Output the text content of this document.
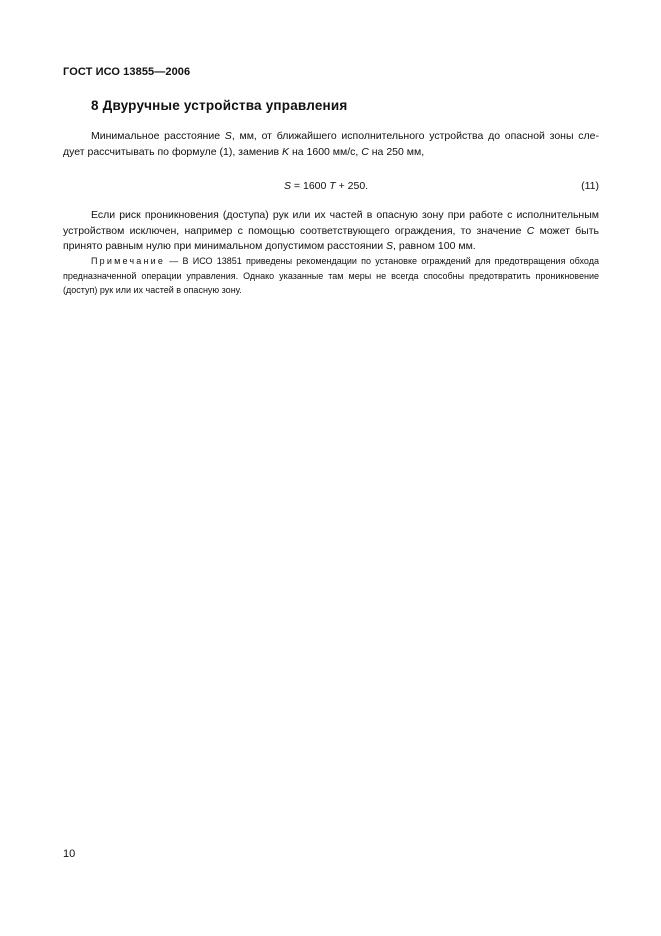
ГОСТ ИСО 13855—2006
8 Двуручные устройства управления
Минимальное расстояние S, мм, от ближайшего исполнительного устройства до опасной зоны сле-дует рассчитывать по формуле (1), заменив K на 1600 мм/с, C на 250 мм,
S = 1600 T + 250.	(11)
Если риск проникновения (доступа) рук или их частей в опасную зону при работе с исполнительным устройством исключен, например с помощью соответствующего ограждения, то значение C может быть принято равным нулю при минимальном допустимом расстоянии S, равном 100 мм.
Примечание — В ИСО 13851 приведены рекомендации по установке ограждений для предотвращения обхода предназначенной операции управления. Однако указанные там меры не всегда способны предотвратить проникновение (доступ) рук или их частей в опасную зону.
10
